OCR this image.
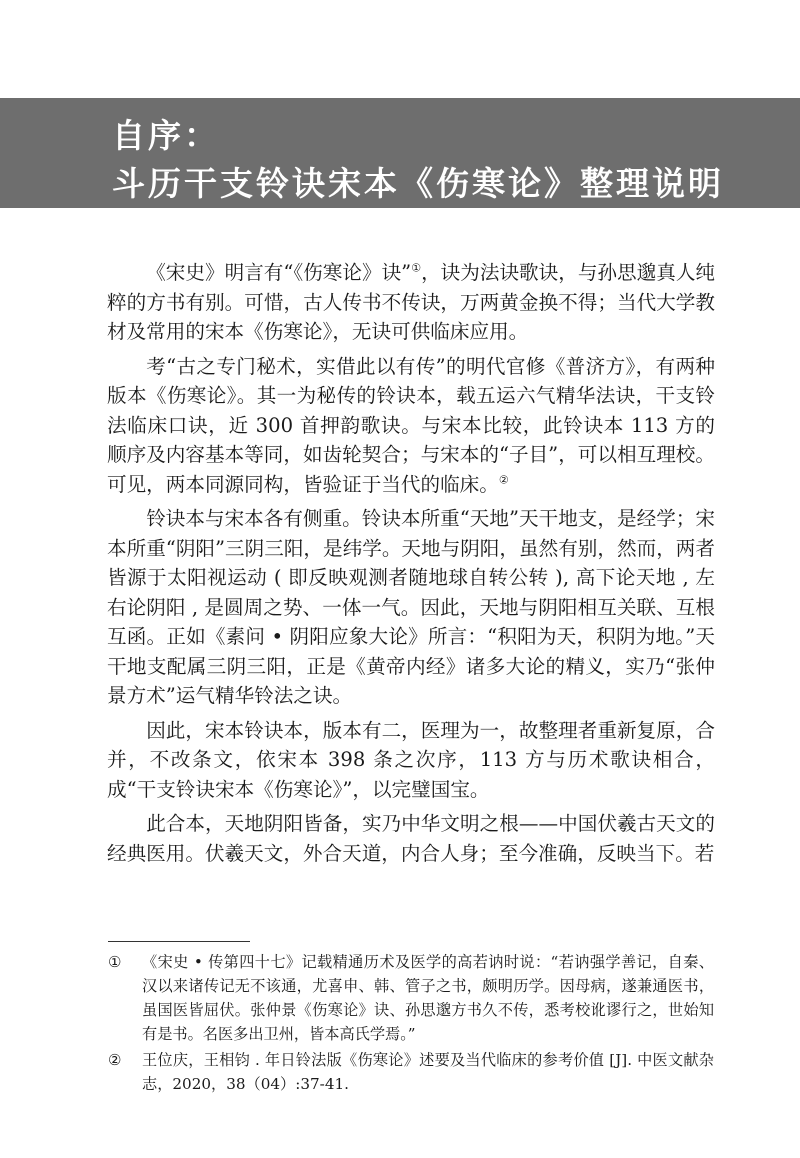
自序：
斗历干支铃诀宋本《伤寒论》整理说明

《宋史》明言有“《伤寒论》诀”①，诀为法诀歌诀，与孙思邈真人纯粹的方书有别。可惜，古人传书不传诀，万两黄金换不得；当代大学教材及常用的宋本《伤寒论》，无诀可供临床应用。

考“古之专门秘术，实借此以有传”的明代官修《普济方》，有两种版本《伤寒论》。其一为秘传的铃诀本，载五运六气精华法诀，干支铃法临床口诀，近 300 首押韵歌诀。与宋本比较，此铃诀本 113 方的顺序及内容基本等同，如齿轮契合；与宋本的“子目”，可以相互理校。可见，两本同源同构，皆验证于当代的临床。②

铃诀本与宋本各有侧重。铃诀本所重“天地”天干地支，是经学；宋本所重“阴阳”三阴三阳，是纬学。天地与阴阳，虽然有别，然而，两者皆源于太阳视运动 ( 即反映观测者随地球自转公转 ), 高下论天地 , 左右论阴阳 , 是圆周之势、一体一气。因此，天地与阴阳相互关联、互根互函。正如《素问 • 阴阳应象大论》所言：“积阳为天，积阴为地。”天干地支配属三阴三阳，正是《黄帝内经》诸多大论的精义，实乃“张仲景方术”运气精华铃法之诀。

因此，宋本铃诀本，版本有二，医理为一，故整理者重新复原，合并，不改条文，依宋本 398 条之次序，113 方与历术歌诀相合，成“干支铃诀宋本《伤寒论》”，以完璧国宝。

此合本，天地阴阳皆备，实乃中华文明之根——中国伏羲古天文的经典医用。伏羲天文，外合天道，内合人身；至今准确，反映当下。若

① 《宋史 • 传第四十七》记载精通历术及医学的高若讷时说：“若讷强学善记，自秦、汉以来诸传记无不该通，尤喜申、韩、管子之书，颇明历学。因母病，遂兼通医书，虽国医皆屈伏。张仲景《伤寒论》诀、孙思邈方书久不传，悉考校讹谬行之，世始知有是书。名医多出卫州，皆本高氏学焉。”
② 王位庆，王相钧 . 年日铃法版《伤寒论》述要及当代临床的参考价值 [J]. 中医文献杂志，2020，38（04）:37-41.
